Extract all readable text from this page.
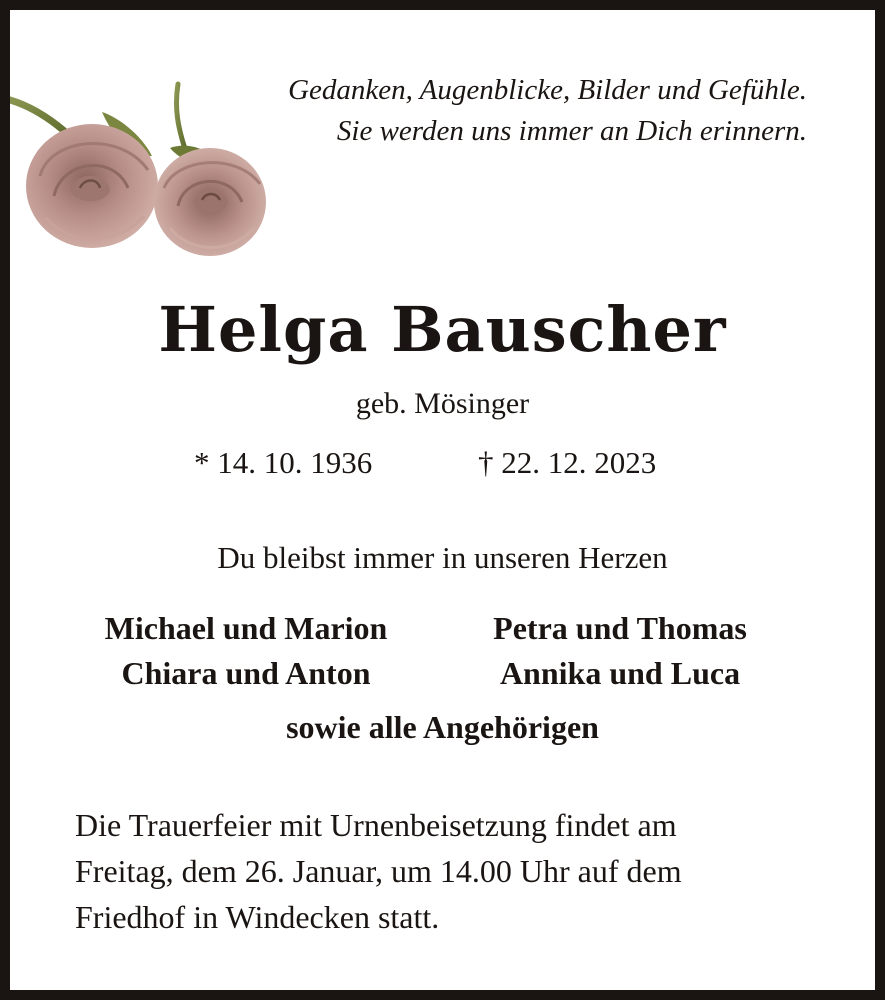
Gedanken, Augenblicke, Bilder und Gefühle.
Sie werden uns immer an Dich erinnern.
Helga Bauscher
geb. Mösinger
* 14. 10. 1936	† 22. 12. 2023
Du bleibst immer in unseren Herzen
Michael und Marion
Chiara und Anton
Petra und Thomas
Annika und Luca
sowie alle Angehörigen
Die Trauerfeier mit Urnenbeisetzung findet am
Freitag, dem 26. Januar, um 14.00 Uhr auf dem
Friedhof in Windecken statt.
